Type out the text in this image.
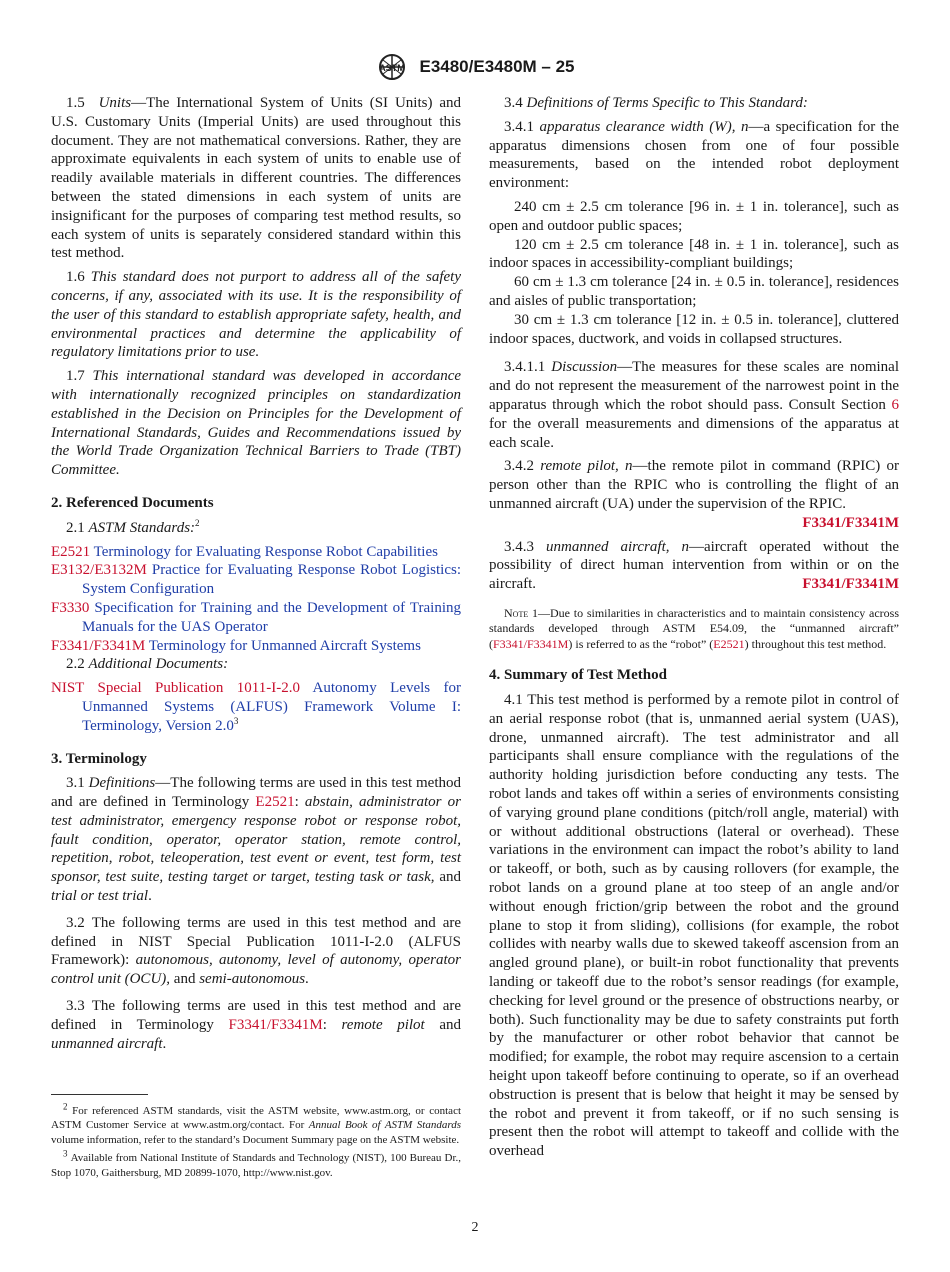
ASTM E3480/E3480M – 25

1.5 Units—The International System of Units (SI Units) and U.S. Customary Units (Imperial Units) are used throughout this document. They are not mathematical conversions. Rather, they are approximate equivalents in each system of units to enable use of readily available materials in different countries. The differences between the stated dimensions in each system of units are insignificant for the purposes of comparing test method results, so each system of units is separately considered standard within this test method.

1.6 This standard does not purport to address all of the safety concerns, if any, associated with its use. It is the responsibility of the user of this standard to establish appropriate safety, health, and environmental practices and determine the applicability of regulatory limitations prior to use.

1.7 This international standard was developed in accordance with internationally recognized principles on standardization established in the Decision on Principles for the Development of International Standards, Guides and Recommendations issued by the World Trade Organization Technical Barriers to Trade (TBT) Committee.

2. Referenced Documents

2.1 ASTM Standards:$^2$

E2521 Terminology for Evaluating Response Robot Capabilities
E3132/E3132M Practice for Evaluating Response Robot Logistics: System Configuration
F3330 Specification for Training and the Development of Training Manuals for the UAS Operator
F3341/F3341M Terminology for Unmanned Aircraft Systems

2.2 Additional Documents:

NIST Special Publication 1011-I-2.0 Autonomy Levels for Unmanned Systems (ALFUS) Framework Volume I: Terminology, Version $2.0^3$
3. Terminology

3.1 Definitions—The following terms are used in this test method and are defined in Terminology E2521: abstain, administrator or test administrator, emergency response robot or response robot, fault condition, operator, operator station, remote control, repetition, robot, teleoperation, test event or event, test form, test sponsor, test suite, testing target or target, testing task or task, and trial or test trial.

3.2 The following terms are used in this test method and are defined in NIST Special Publication 1011-I-2.0 (ALFUS Framework): autonomous, autonomy, level of autonomy, operator control unit (OCU), and semi-autonomous.

3.3 The following terms are used in this test method and are defined in Terminology F3341/F3341M: remote pilot and unmanned aircraft.

$^2$ For referenced ASTM standards, visit the ASTM website, www.astm.org, or contact ASTM Customer Service at www.astm.org/contact. For Annual Book of ASTM Standards volume information, refer to the standard’s Document Summary page on the ASTM website.

$^3$ Available from National Institute of Standards and Technology (NIST), 100 Bureau Dr., Stop 1070, Gaithersburg, MD 20899-1070, http://www.nist.gov.

3.4 Definitions of Terms Specific to This Standard:

3.4.1 apparatus clearance width (W), n—a specification for the apparatus dimensions chosen from one of four possible measurements, based on the intended robot deployment environment:

240 cm ± 2.5 cm tolerance [96 in. ± 1 in. tolerance], such as open and outdoor public spaces;

120 cm ± 2.5 cm tolerance [48 in. ± 1 in. tolerance], such as indoor spaces in accessibility-compliant buildings;

60 cm ± 1.3 cm tolerance [24 in. ± 0.5 in. tolerance], residences and aisles of public transportation;

30 cm ± 1.3 cm tolerance [12 in. ± 0.5 in. tolerance], cluttered indoor spaces, ductwork, and voids in collapsed structures.

3.4.1.1 Discussion—The measures for these scales are nominal and do not represent the measurement of the narrowest point in the apparatus through which the robot should pass. Consult Section 6 for the overall measurements and dimensions of the apparatus at each scale.

3.4.2 remote pilot, n—the remote pilot in command (RPIC) or person other than the RPIC who is controlling the flight of an unmanned aircraft (UA) under the supervision of the RPIC.

F3341/F3341M

3.4.3 unmanned aircraft, n—aircraft operated without the possibility of direct human intervention from within or on the aircraft.	F3341/F3341M

Note 1—Due to similarities in characteristics and to maintain consistency across standards developed through ASTM E54.09, the “unmanned aircraft” (F3341/F3341M) is referred to as the “robot” (E2521) throughout this test method.

4. Summary of Test Method

4.1 This test method is performed by a remote pilot in control of an aerial response robot (that is, unmanned aerial system (UAS), drone, unmanned aircraft). The test administrator and all participants shall ensure compliance with the regulations of the authority holding jurisdiction before conducting any tests. The robot lands and takes off within a series of environments consisting of varying ground plane conditions (pitch/roll angle, material) with or without additional obstructions (lateral or overhead). These variations in the environment can impact the robot’s ability to land or takeoff, or both, such as by causing rollovers (for example, the robot lands on a ground plane at too steep of an angle and/or without enough friction/grip between the robot and the ground plane to stop it from sliding), collisions (for example, the robot collides with nearby walls due to skewed takeoff ascension from an angled ground plane), or built-in robot functionality that prevents landing or takeoff due to the robot’s sensor readings (for example, checking for level ground or the presence of obstructions nearby, or both). Such functionality may be due to safety constraints put forth by the manufacturer or other robot behavior that cannot be modified; for example, the robot may require ascension to a certain height upon takeoff before continuing to operate, so if an overhead obstruction is present that is below that height it may be sensed by the robot and prevent it from takeoff, or if no such sensing is present then the robot will attempt to takeoff and collide with the overhead

2
